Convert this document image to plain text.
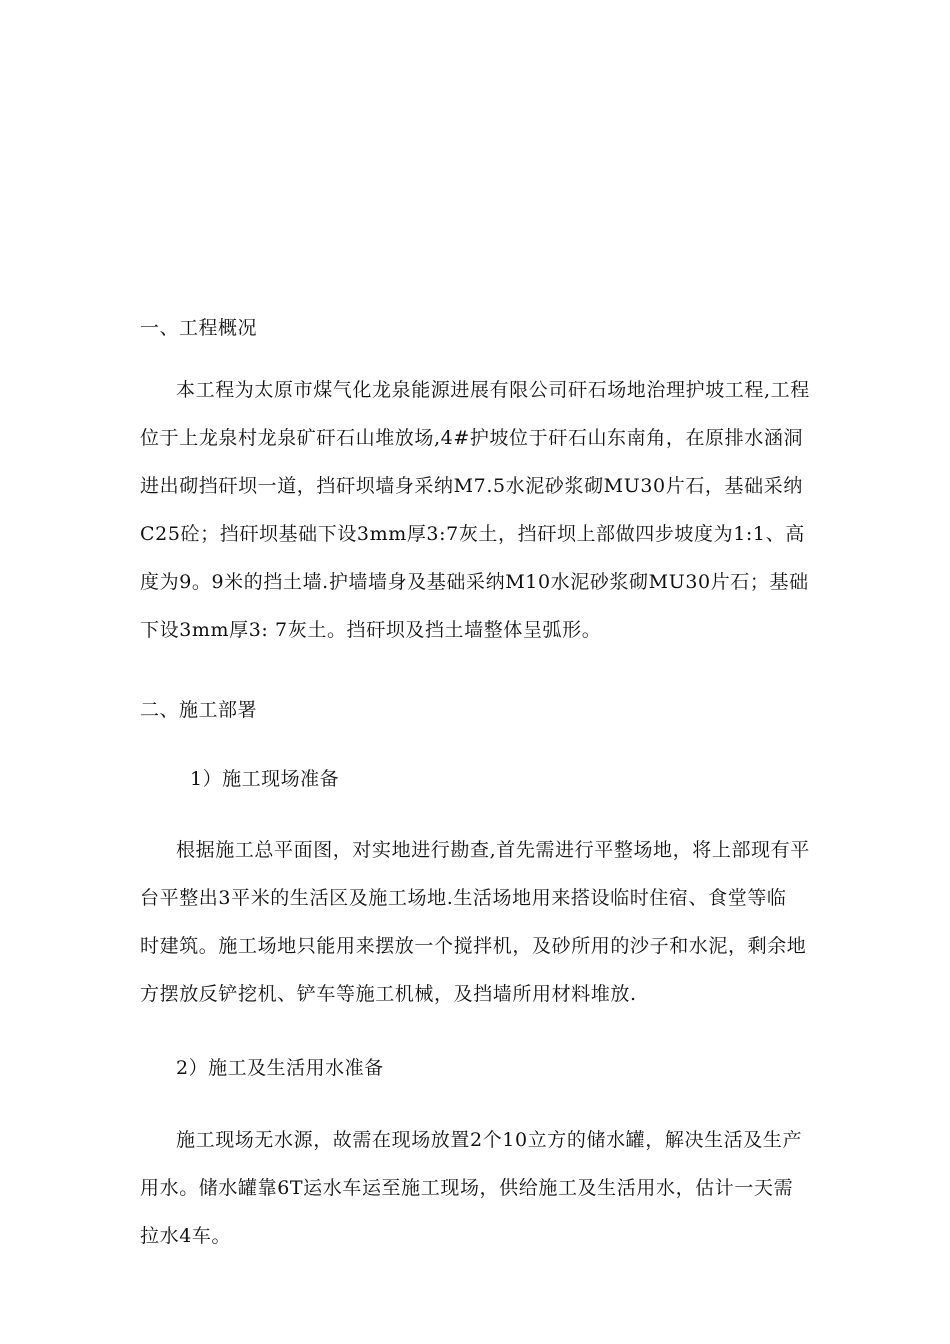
一、工程概况
本工程为太原市煤气化龙泉能源进展有限公司矸石场地治理护坡工程,工程
位于上龙泉村龙泉矿矸石山堆放场,4#护坡位于矸石山东南角，在原排水涵洞
进出砌挡矸坝一道，挡矸坝墙身采纳M7.5水泥砂浆砌MU30片石，基础采纳
C25砼；挡矸坝基础下设3mm厚3:7灰土，挡矸坝上部做四步坡度为1:1、高
度为9。9米的挡土墙.护墙墙身及基础采纳M10水泥砂浆砌MU30片石；基础
下设3mm厚3: 7灰土。挡矸坝及挡土墙整体呈弧形。
二、施工部署
1）施工现场准备
根据施工总平面图，对实地进行勘查,首先需进行平整场地，将上部现有平
台平整出3平米的生活区及施工场地.生活场地用来搭设临时住宿、食堂等临
时建筑。施工场地只能用来摆放一个搅拌机，及砂所用的沙子和水泥，剩余地
方摆放反铲挖机、铲车等施工机械，及挡墙所用材料堆放.
2）施工及生活用水准备
施工现场无水源，故需在现场放置2个10立方的储水罐，解决生活及生产
用水。储水罐靠6T运水车运至施工现场，供给施工及生活用水，估计一天需
拉水4车。
